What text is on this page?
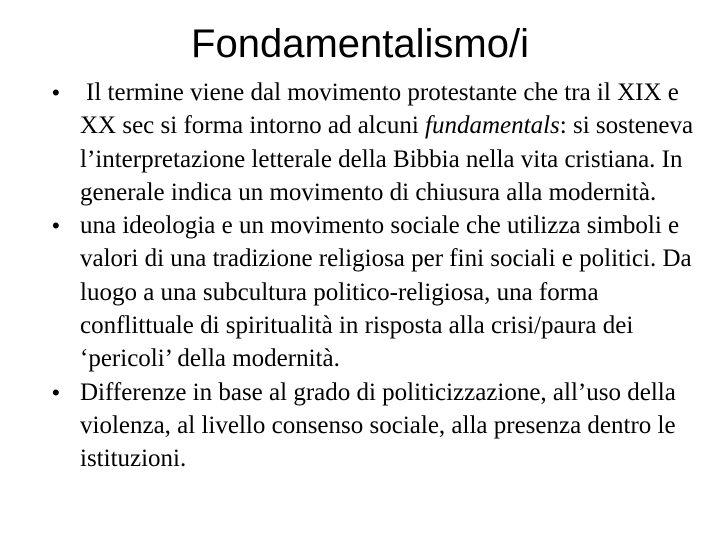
Fondamentalismo/i
• Il termine viene dal movimento protestante che tra il XIX e XX sec si forma intorno ad alcuni fundamentals: si sosteneva l’interpretazione letterale della Bibbia nella vita cristiana. In generale indica un movimento di chiusura alla modernità.
• una ideologia e un movimento sociale che utilizza simboli e valori di una tradizione religiosa per fini sociali e politici. Da luogo a una subcultura politico-religiosa, una forma conflittuale di spiritualità in risposta alla crisi/paura dei ‘pericoli’ della modernità.
• Differenze in base al grado di politicizzazione, all’uso della violenza, al livello consenso sociale, alla presenza dentro le istituzioni.
